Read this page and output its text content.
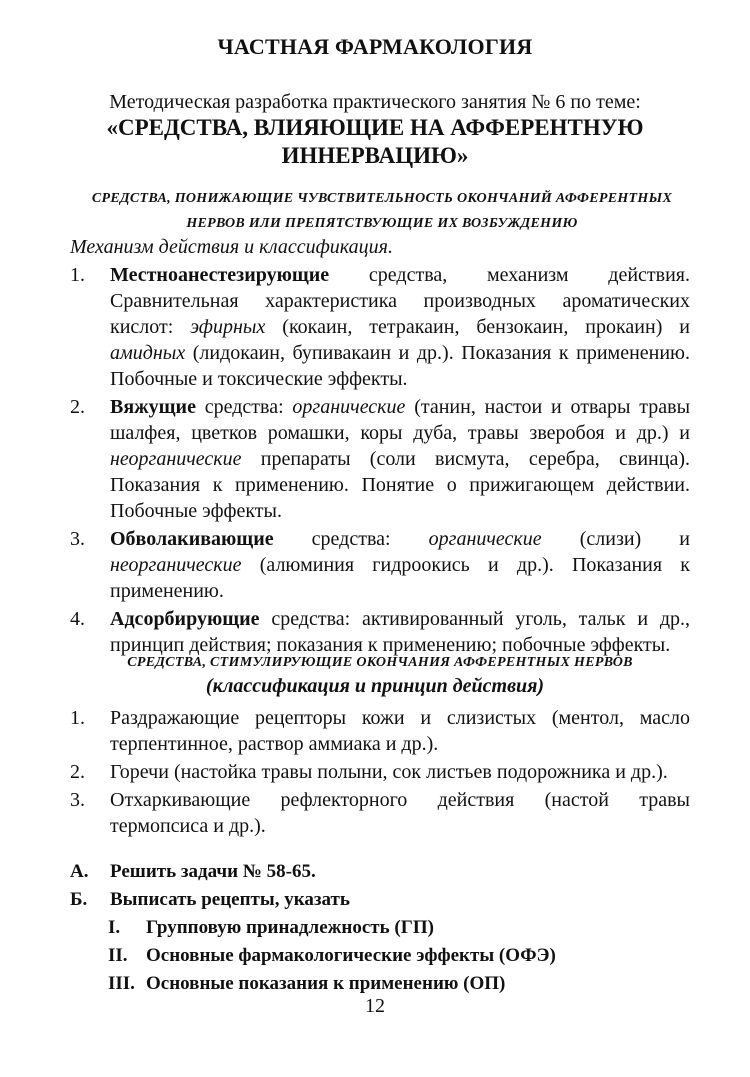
ЧАСТНАЯ ФАРМАКОЛОГИЯ
Методическая разработка практического занятия № 6 по теме:
«СРЕДСТВА, ВЛИЯЮЩИЕ НА АФФЕРЕНТНУЮ ИННЕРВАЦИЮ»
СРЕДСТВА, ПОНИЖАЮЩИЕ ЧУВСТВИТЕЛЬНОСТЬ ОКОНЧАНИЙ АФФЕРЕНТНЫХ НЕРВОВ ИЛИ ПРЕПЯТСТВУЮЩИЕ ИХ ВОЗБУЖДЕНИЮ
Механизм действия и классификация.
1. Местноанестезирующие средства, механизм действия. Сравнительная характеристика производных ароматических кислот: эфирных (кокаин, тетракаин, бензокаин, прокаин) и амидных (лидокаин, бупивакаин и др.). Показания к применению. Побочные и токсические эффекты.
2. Вяжущие средства: органические (танин, настои и отвары травы шалфея, цветков ромашки, коры дуба, травы зверобоя и др.) и неорганические препараты (соли висмута, серебра, свинца). Показания к применению. Понятие о прижигающем действии. Побочные эффекты.
3. Обволакивающие средства: органические (слизи) и неорганические (алюминия гидроокись и др.). Показания к применению.
4. Адсорбирующие средства: активированный уголь, тальк и др., принцип действия; показания к применению; побочные эффекты.
СРЕДСТВА, СТИМУЛИРУЮЩИЕ ОКОНЧАНИЯ АФФЕРЕНТНЫХ НЕРВОВ
(классификация и принцип действия)
1. Раздражающие рецепторы кожи и слизистых (ментол, масло терпентинное, раствор аммиака и др.).
2. Горечи (настойка травы полыни, сок листьев подорожника и др.).
3. Отхаркивающие рефлекторного действия (настой травы термопсиса и др.).
А. Решить задачи № 58-65.
Б. Выписать рецепты, указать
I. Групповую принадлежность (ГП)
II. Основные фармакологические эффекты (ОФЭ)
III. Основные показания к применению (ОП)
12
